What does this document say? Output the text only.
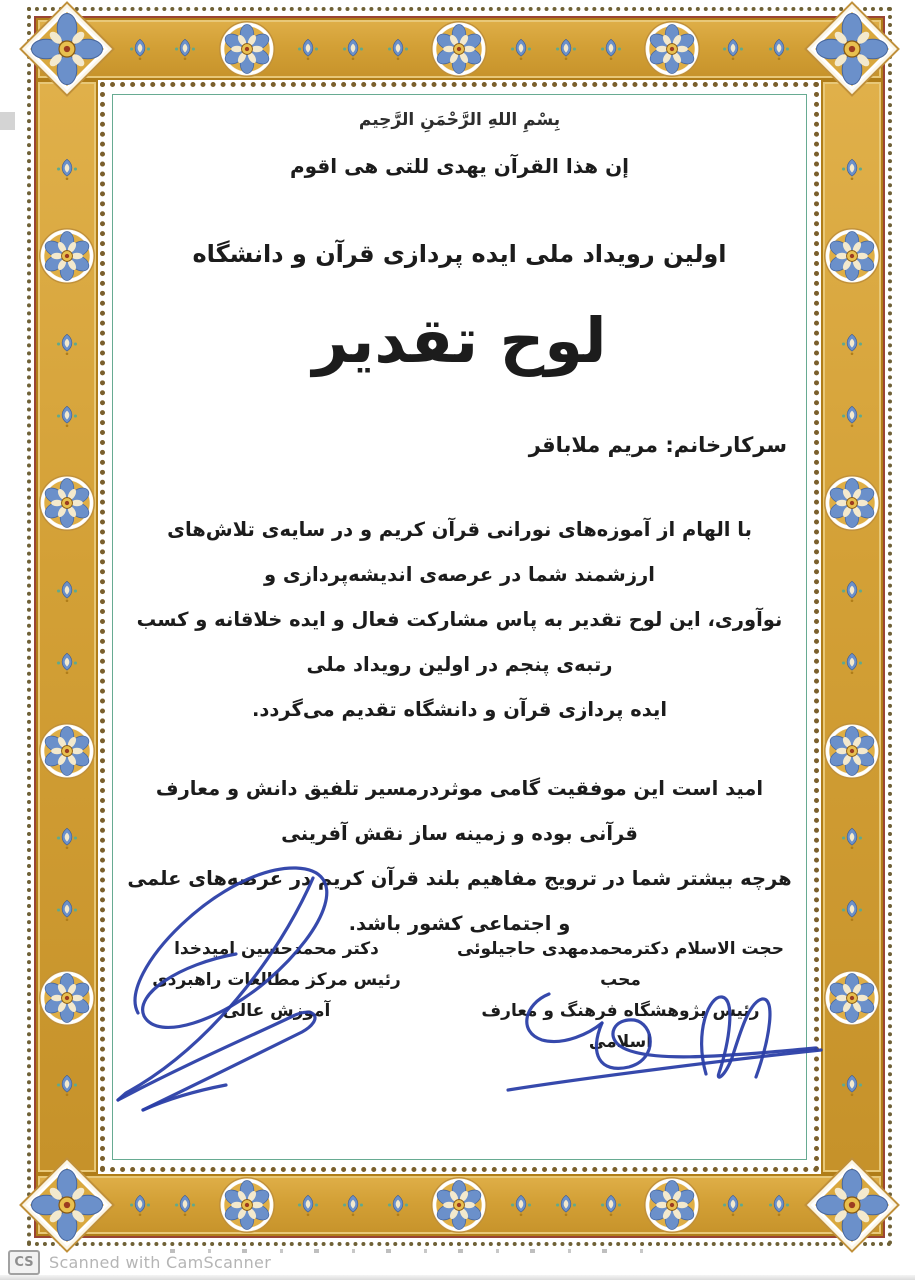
بِسْمِ اللهِ الرَّحْمَنِ الرَّحِيم
إن هذا القرآن یهدی للتی هی اقوم
اولین رویداد ملی ایده پردازی قرآن و دانشگاه
لوح تقدیر
سرکارخانم: مریم ملاباقر
با الهام از آموزه‌های نورانی قرآن کریم و در سایه‌ی تلاش‌های ارزشمند شما در عرصه‌ی اندیشه‌پردازی و
نوآوری، این لوح تقدیر به پاس مشارکت فعال و ایده خلاقانه و کسب رتبه‌ی پنجم در اولین رویداد ملی
ایده پردازی قرآن و دانشگاه تقدیم می‌گردد.
امید است این موفقیت گامی موثردرمسیر تلفیق دانش و معارف قرآنی بوده و زمینه ساز نقش آفرینی
هرچه بیشتر شما در ترویج مفاهیم بلند قرآن کریم در عرصه‌های علمی و اجتماعی کشور باشد.
حجت الاسلام دکترمحمدمهدی حاجیلوئی محب
رئیس پژوهشگاه فرهنگ و معارف اسلامی
دکتر محمدحسین امیدخدا
رئیس مرکز مطالعات راهبردی آموزش عالی
CS Scanned with CamScanner
